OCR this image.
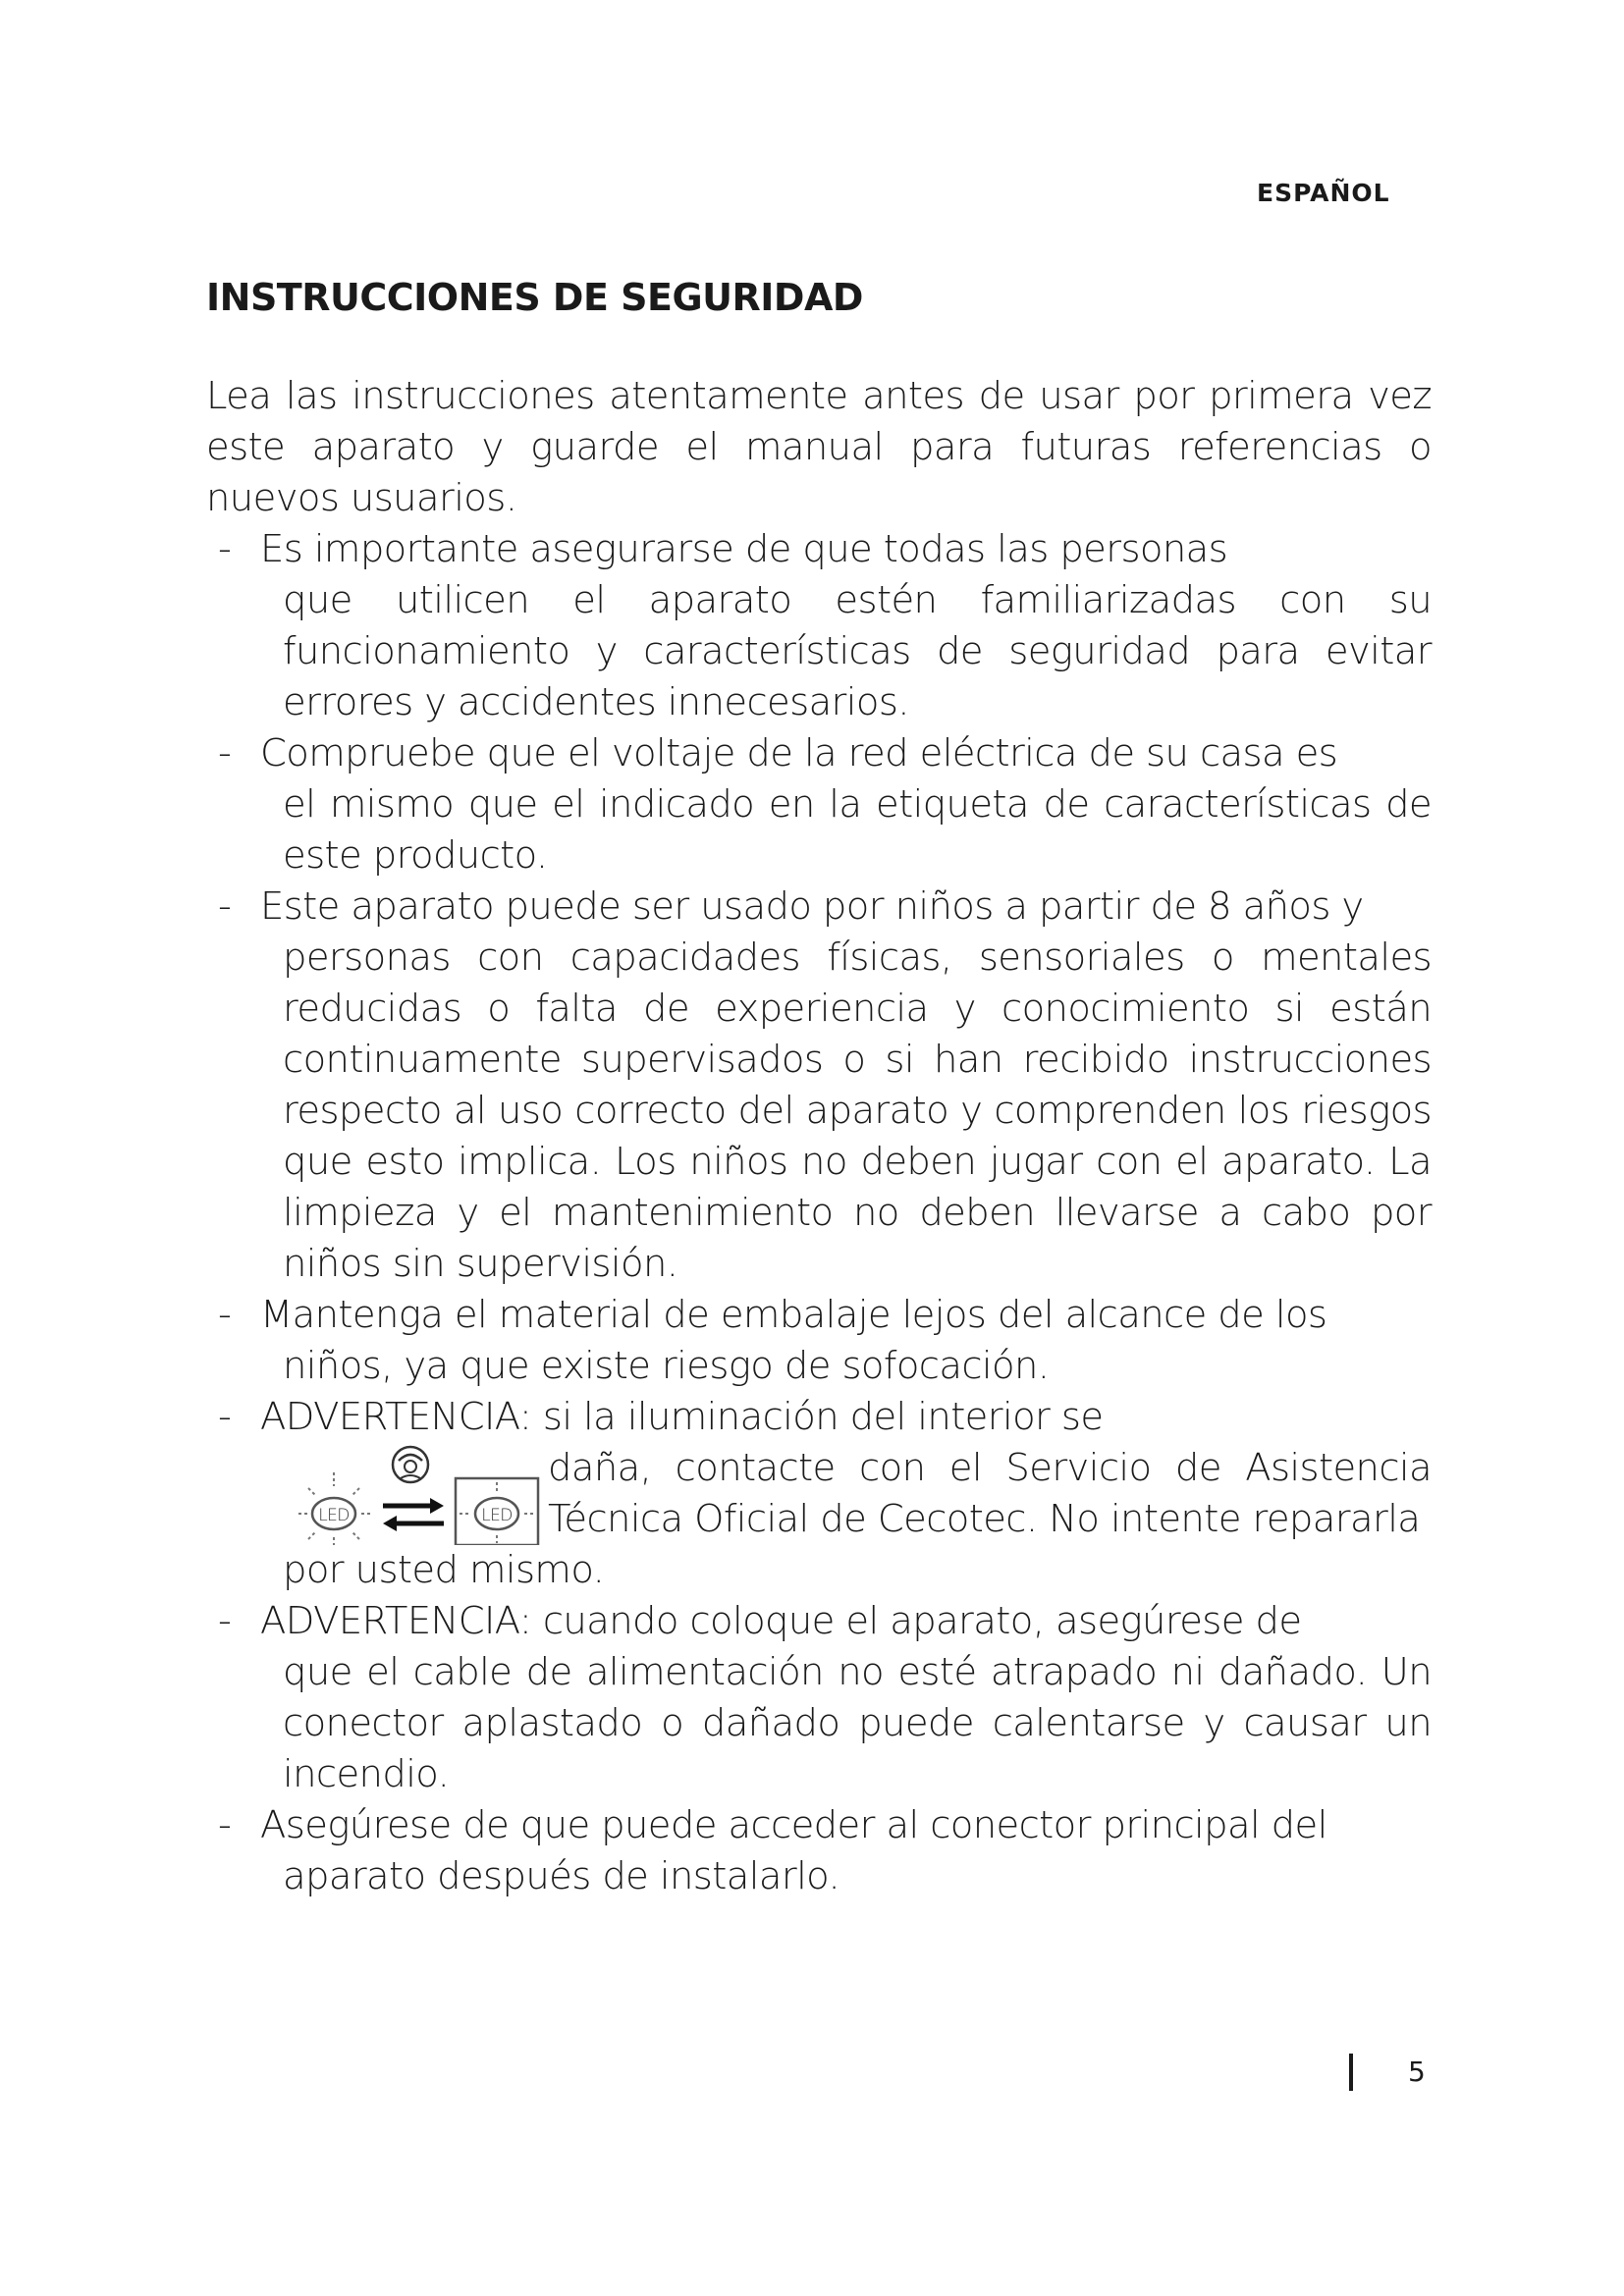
ESPAÑOL
INSTRUCCIONES DE SEGURIDAD

Lea las instrucciones atentamente antes de usar por primera vez este aparato y guarde el manual para futuras referencias o nuevos usuarios.

- Es importante asegurarse de que todas las personas
que utilicen el aparato estén familiarizadas con su funcionamiento y características de seguridad para evitar errores y accidentes innecesarios.
- Compruebe que el voltaje de la red eléctrica de su casa es
el mismo que el indicado en la etiqueta de características de este producto.
- Este aparato puede ser usado por niños a partir de 8 años y
personas con capacidades físicas, sensoriales o mentales reducidas o falta de experiencia y conocimiento si están continuamente supervisados o si han recibido instrucciones respecto al uso correcto del aparato y comprenden los riesgos que esto implica. Los niños no deben jugar con el aparato. La limpieza y el mantenimiento no deben llevarse a cabo por niños sin supervisión.
- Mantenga el material de embalaje lejos del alcance de los
niños, ya que existe riesgo de sofocación.
- ADVERTENCIA: si la iluminación del interior se
LED	LED
daña, contacte con el Servicio de Asistencia Técnica Oficial de Cecotec. No intente repararla
por usted mismo.
- ADVERTENCIA: cuando coloque el aparato, asegúrese de
que el cable de alimentación no esté atrapado ni dañado. Un conector aplastado o dañado puede calentarse y causar un incendio.
- Asegúrese de que puede acceder al conector principal del
aparato después de instalarlo.
5
